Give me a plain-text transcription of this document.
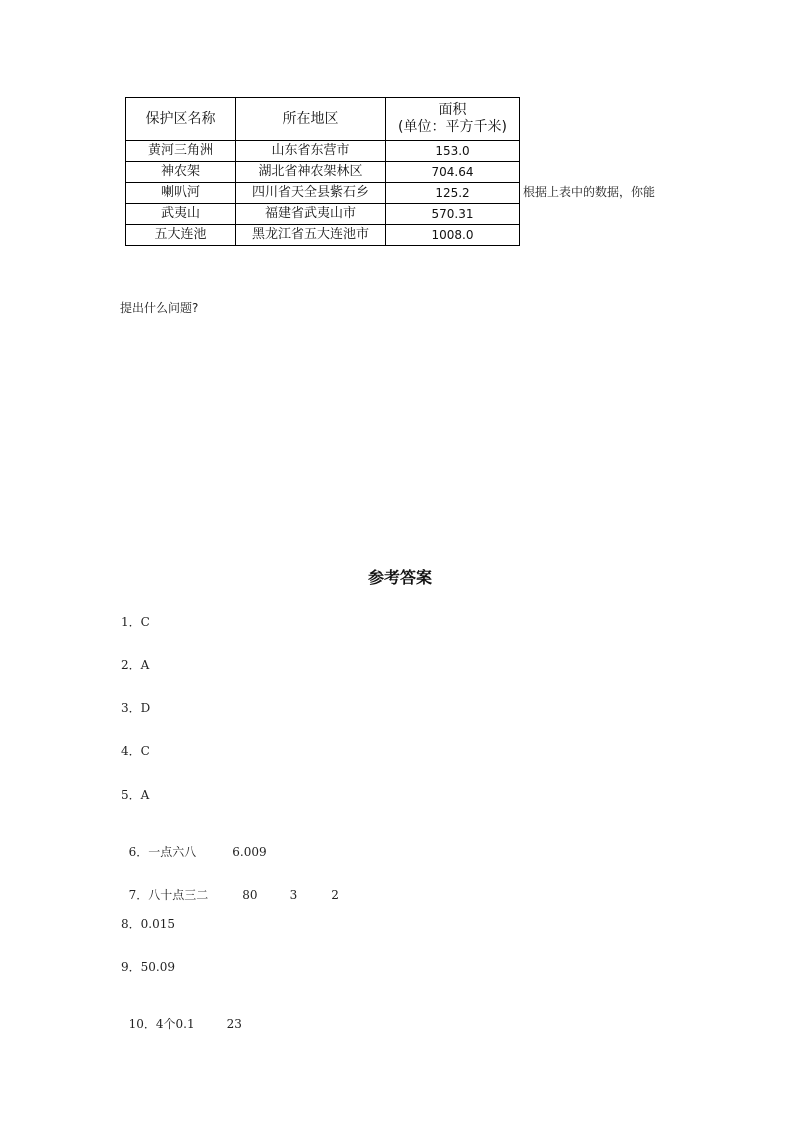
保护区名称	所在地区	面积
(单位：平方千米)

黄河三角洲	山东省东营市	153.0
神农架	湖北省神农架林区	704.64
喇叭河	四川省天全县紫石乡	125.2
武夷山	福建省武夷山市	570.31
五大连池	黑龙江省五大连池市	1008.0
根据上表中的数据，你能
提出什么问题?
参考答案
1．C
2．A
3．D
4．C
5．A

6．一点六八	6.009

7．八十点三二	80	3	2

8．0.015
9．50.09

10．4个0.1	23
